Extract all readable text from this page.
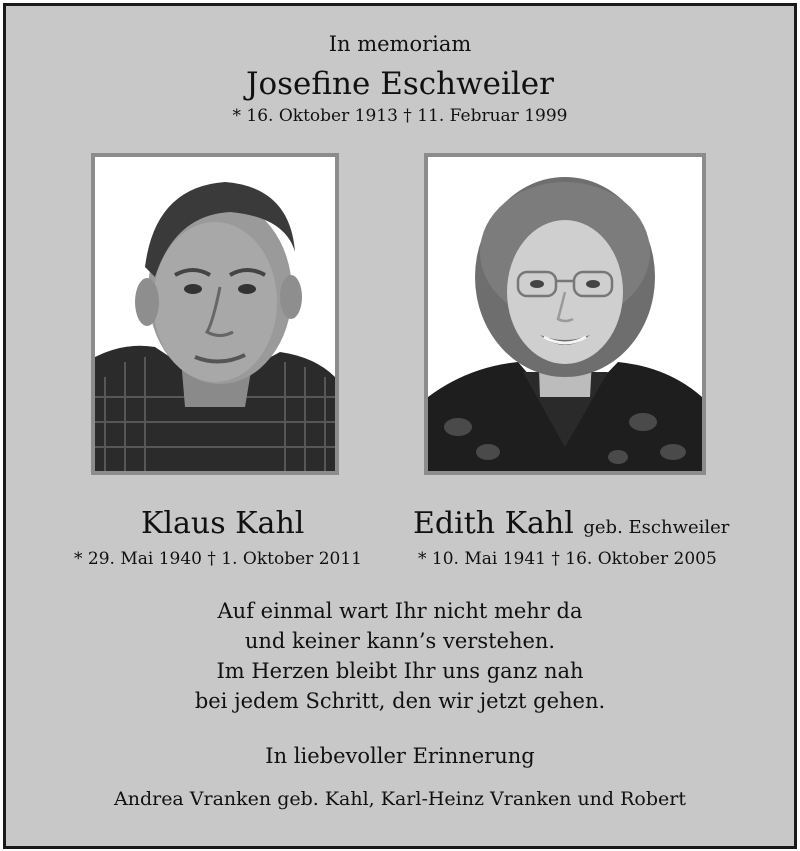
In memoriam
Josefine Eschweiler
* 16. Oktober 1913 † 11. Februar 1999
Klaus Kahl
* 29. Mai 1940 † 1. Oktober 2011
Edith Kahl geb. Eschweiler
* 10. Mai 1941 † 16. Oktober 2005
Auf einmal wart Ihr nicht mehr da
und keiner kann’s verstehen.
Im Herzen bleibt Ihr uns ganz nah
bei jedem Schritt, den wir jetzt gehen.
In liebevoller Erinnerung
Andrea Vranken geb. Kahl, Karl-Heinz Vranken und Robert
